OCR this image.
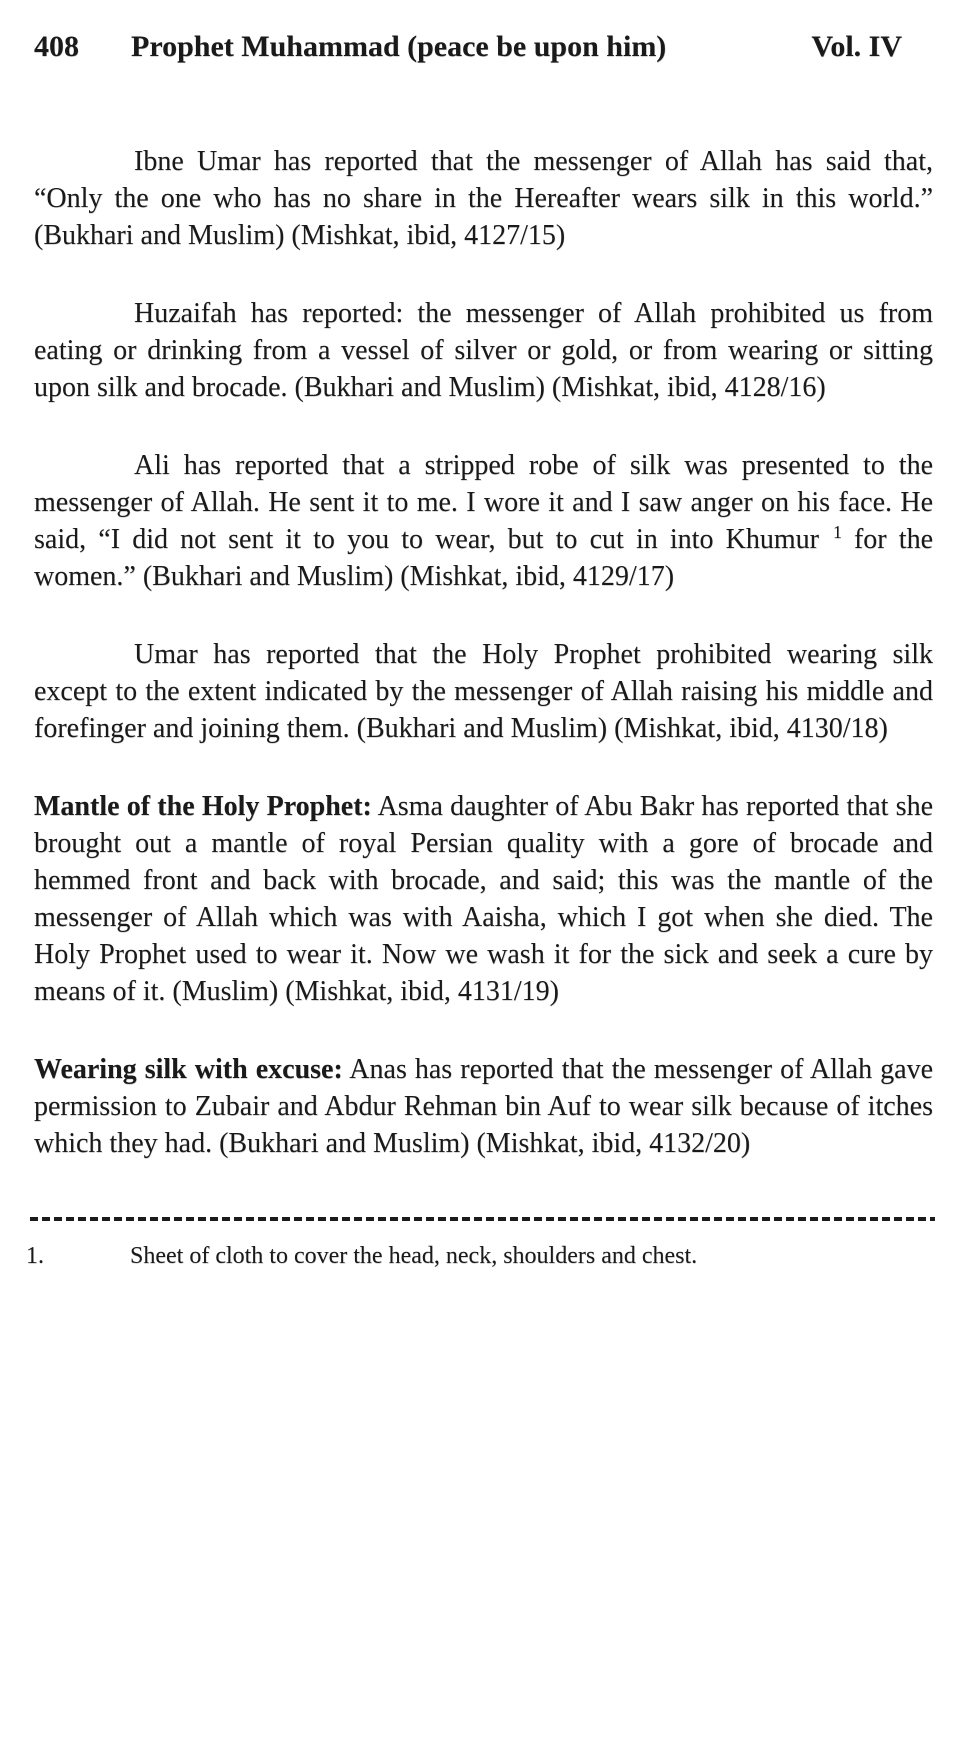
408 Prophet Muhammad (peace be upon him)	Vol. IV

Ibne Umar has reported that the messenger of Allah has said that, “Only the one who has no share in the Hereafter wears silk in this world.” (Bukhari and Muslim) (Mishkat, ibid, 4127/15)

Huzaifah has reported: the messenger of Allah prohibited us from eating or drinking from a vessel of silver or gold, or from wearing or sitting upon silk and brocade. (Bukhari and Muslim) (Mishkat, ibid, 4128/16)

Ali has reported that a stripped robe of silk was presented to the messenger of Allah. He sent it to me. I wore it and I saw anger on his face. He said, “I did not sent it to you to wear, but to cut in into Khumur $^1$ for the women.” (Bukhari and Muslim) (Mishkat, ibid, 4129/17)

Umar has reported that the Holy Prophet prohibited wearing silk except to the extent indicated by the messenger of Allah raising his middle and forefinger and joining them. (Bukhari and Muslim) (Mishkat, ibid, 4130/18)

Mantle of the Holy Prophet: Asma daughter of Abu Bakr has reported that she brought out a mantle of royal Persian quality with a gore of brocade and hemmed front and back with brocade, and said; this was the mantle of the messenger of Allah which was with Aaisha, which I got when she died. The Holy Prophet used to wear it. Now we wash it for the sick and seek a cure by means of it. (Muslim) (Mishkat, ibid, 4131/19)

Wearing silk with excuse: Anas has reported that the messenger of Allah gave permission to Zubair and Abdur Rehman bin Auf to wear silk because of itches which they had. (Bukhari and Muslim) (Mishkat, ibid, 4132/20)

1.	Sheet of cloth to cover the head, neck, shoulders and chest.
